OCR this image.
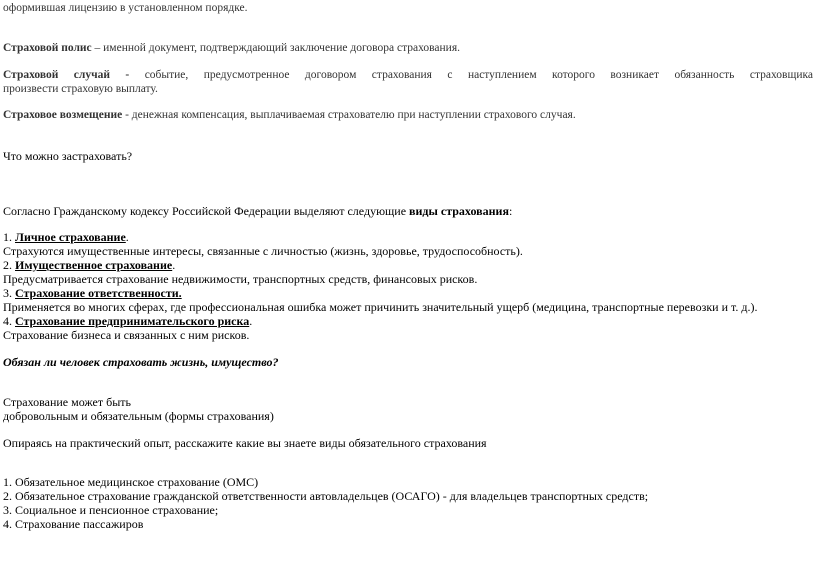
оформившая лицензию в установленном порядке.
Страховой полис – именной документ, подтверждающий заключение договора страхования.
Страховой случай - событие, предусмотренное договором страхования с наступлением которого возникает обязанность страховщика
произвести страховую выплату.
Страховое возмещение - денежная компенсация, выплачиваемая страхователю при наступлении страхового случая.
Что можно застраховать?
Согласно Гражданскому кодексу Российской Федерации выделяют следующие виды страхования:
1. Личное страхование.
Страхуются имущественные интересы, связанные с личностью (жизнь, здоровье, трудоспособность).
2. Имущественное страхование.
Предусматривается страхование недвижимости, транспортных средств, финансовых рисков.
3. Страхование ответственности.
Применяется во многих сферах, где профессиональная ошибка может причинить значительный ущерб (медицина, транспортные перевозки и т. д.).
4. Страхование предпринимательского риска.
Страхование бизнеса и связанных с ним рисков.
Обязан ли человек страховать жизнь, имущество?
Страхование может быть
добровольным и обязательным (формы страхования)
Опираясь на практический опыт, расскажите какие вы знаете виды обязательного страхования
1. Обязательное медицинское страхование (ОМС)
2. Обязательное страхование гражданской ответственности автовладельцев (ОСАГО) - для владельцев транспортных средств;
3. Социальное и пенсионное страхование;
4. Страхование пассажиров
